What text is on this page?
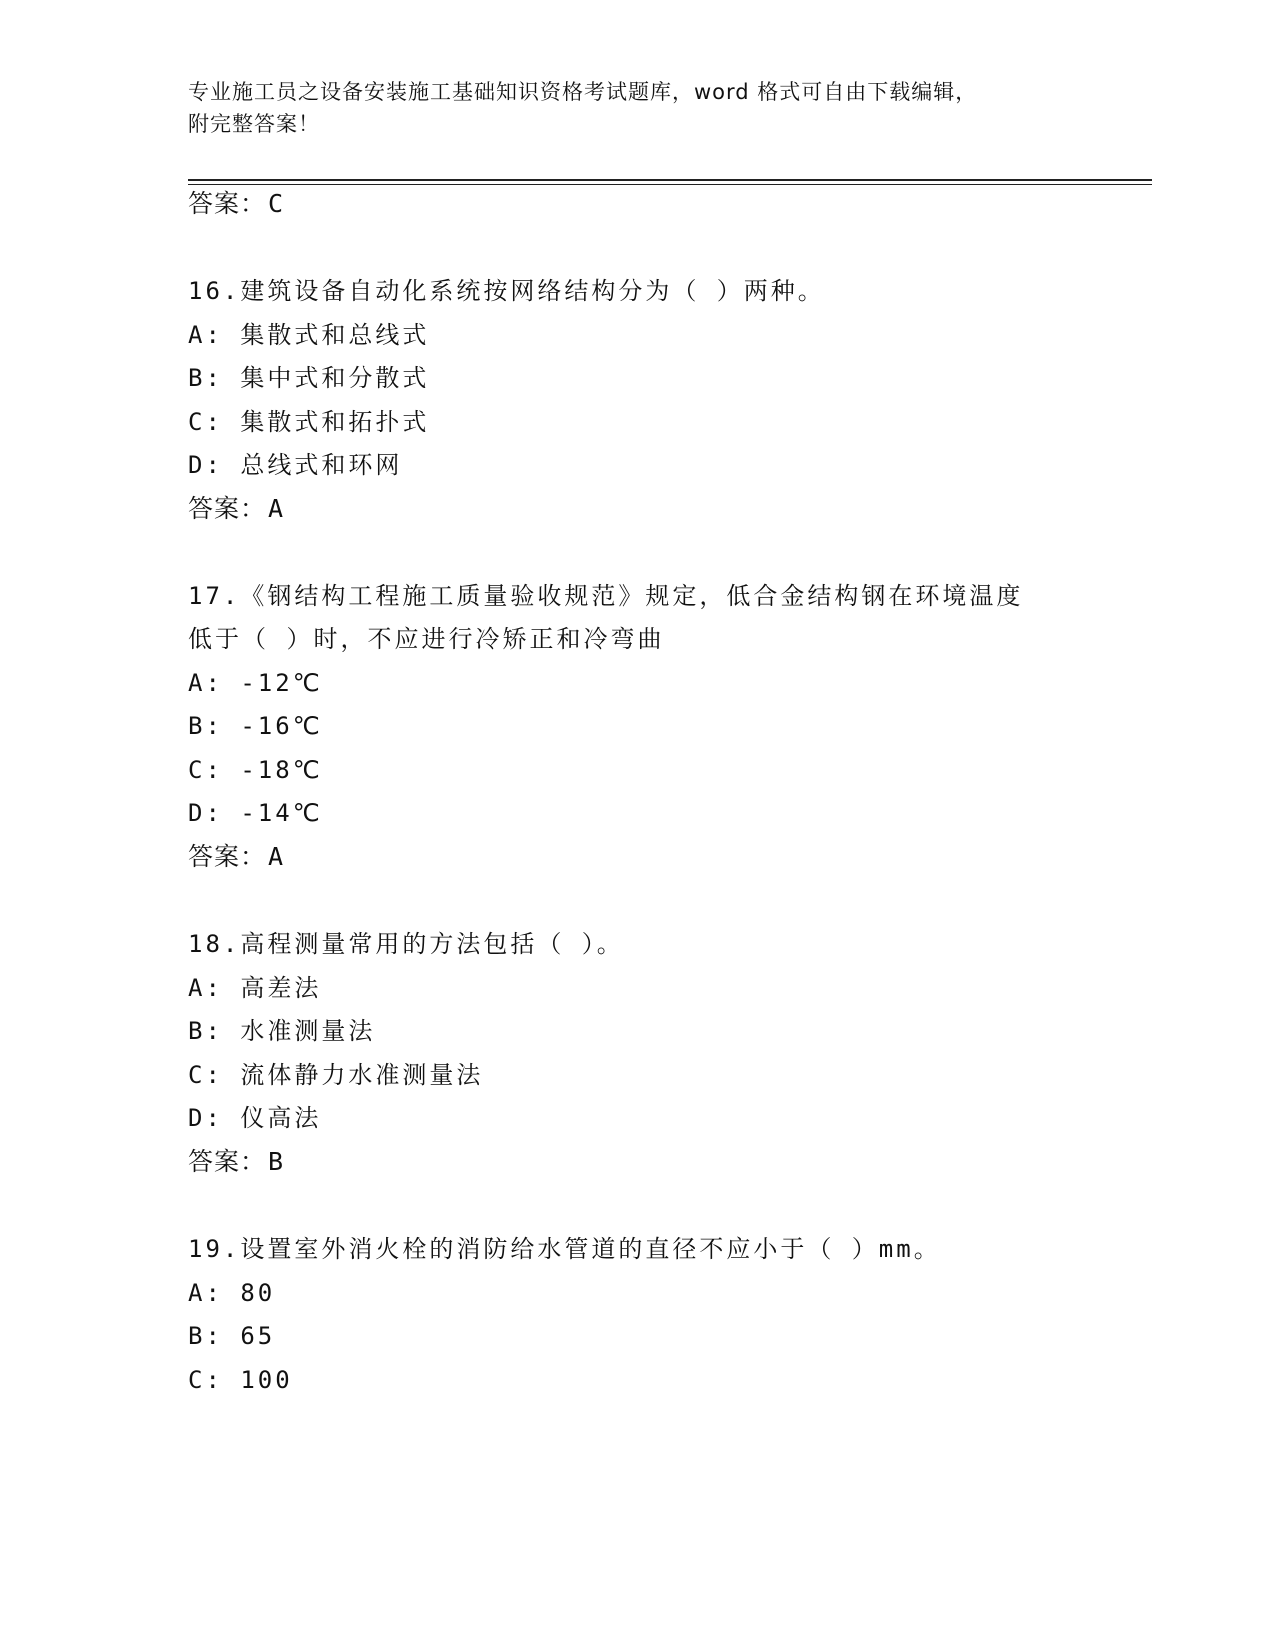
专业施工员之设备安装施工基础知识资格考试题库，word 格式可自由下载编辑，
附完整答案！
答案：C
16.建筑设备自动化系统按网络结构分为（ ）两种。
A: 集散式和总线式
B: 集中式和分散式
C: 集散式和拓扑式
D: 总线式和环网
答案：A
17.《钢结构工程施工质量验收规范》规定，低合金结构钢在环境温度
低于（ ）时，不应进行冷矫正和冷弯曲
A: -12℃
B: -16℃
C: -18℃
D: -14℃
答案：A
18.高程测量常用的方法包括（ ）。
A: 高差法
B: 水准测量法
C: 流体静力水准测量法
D: 仪高法
答案：B
19.设置室外消火栓的消防给水管道的直径不应小于（ ）mm。
A: 80
B: 65
C: 100
